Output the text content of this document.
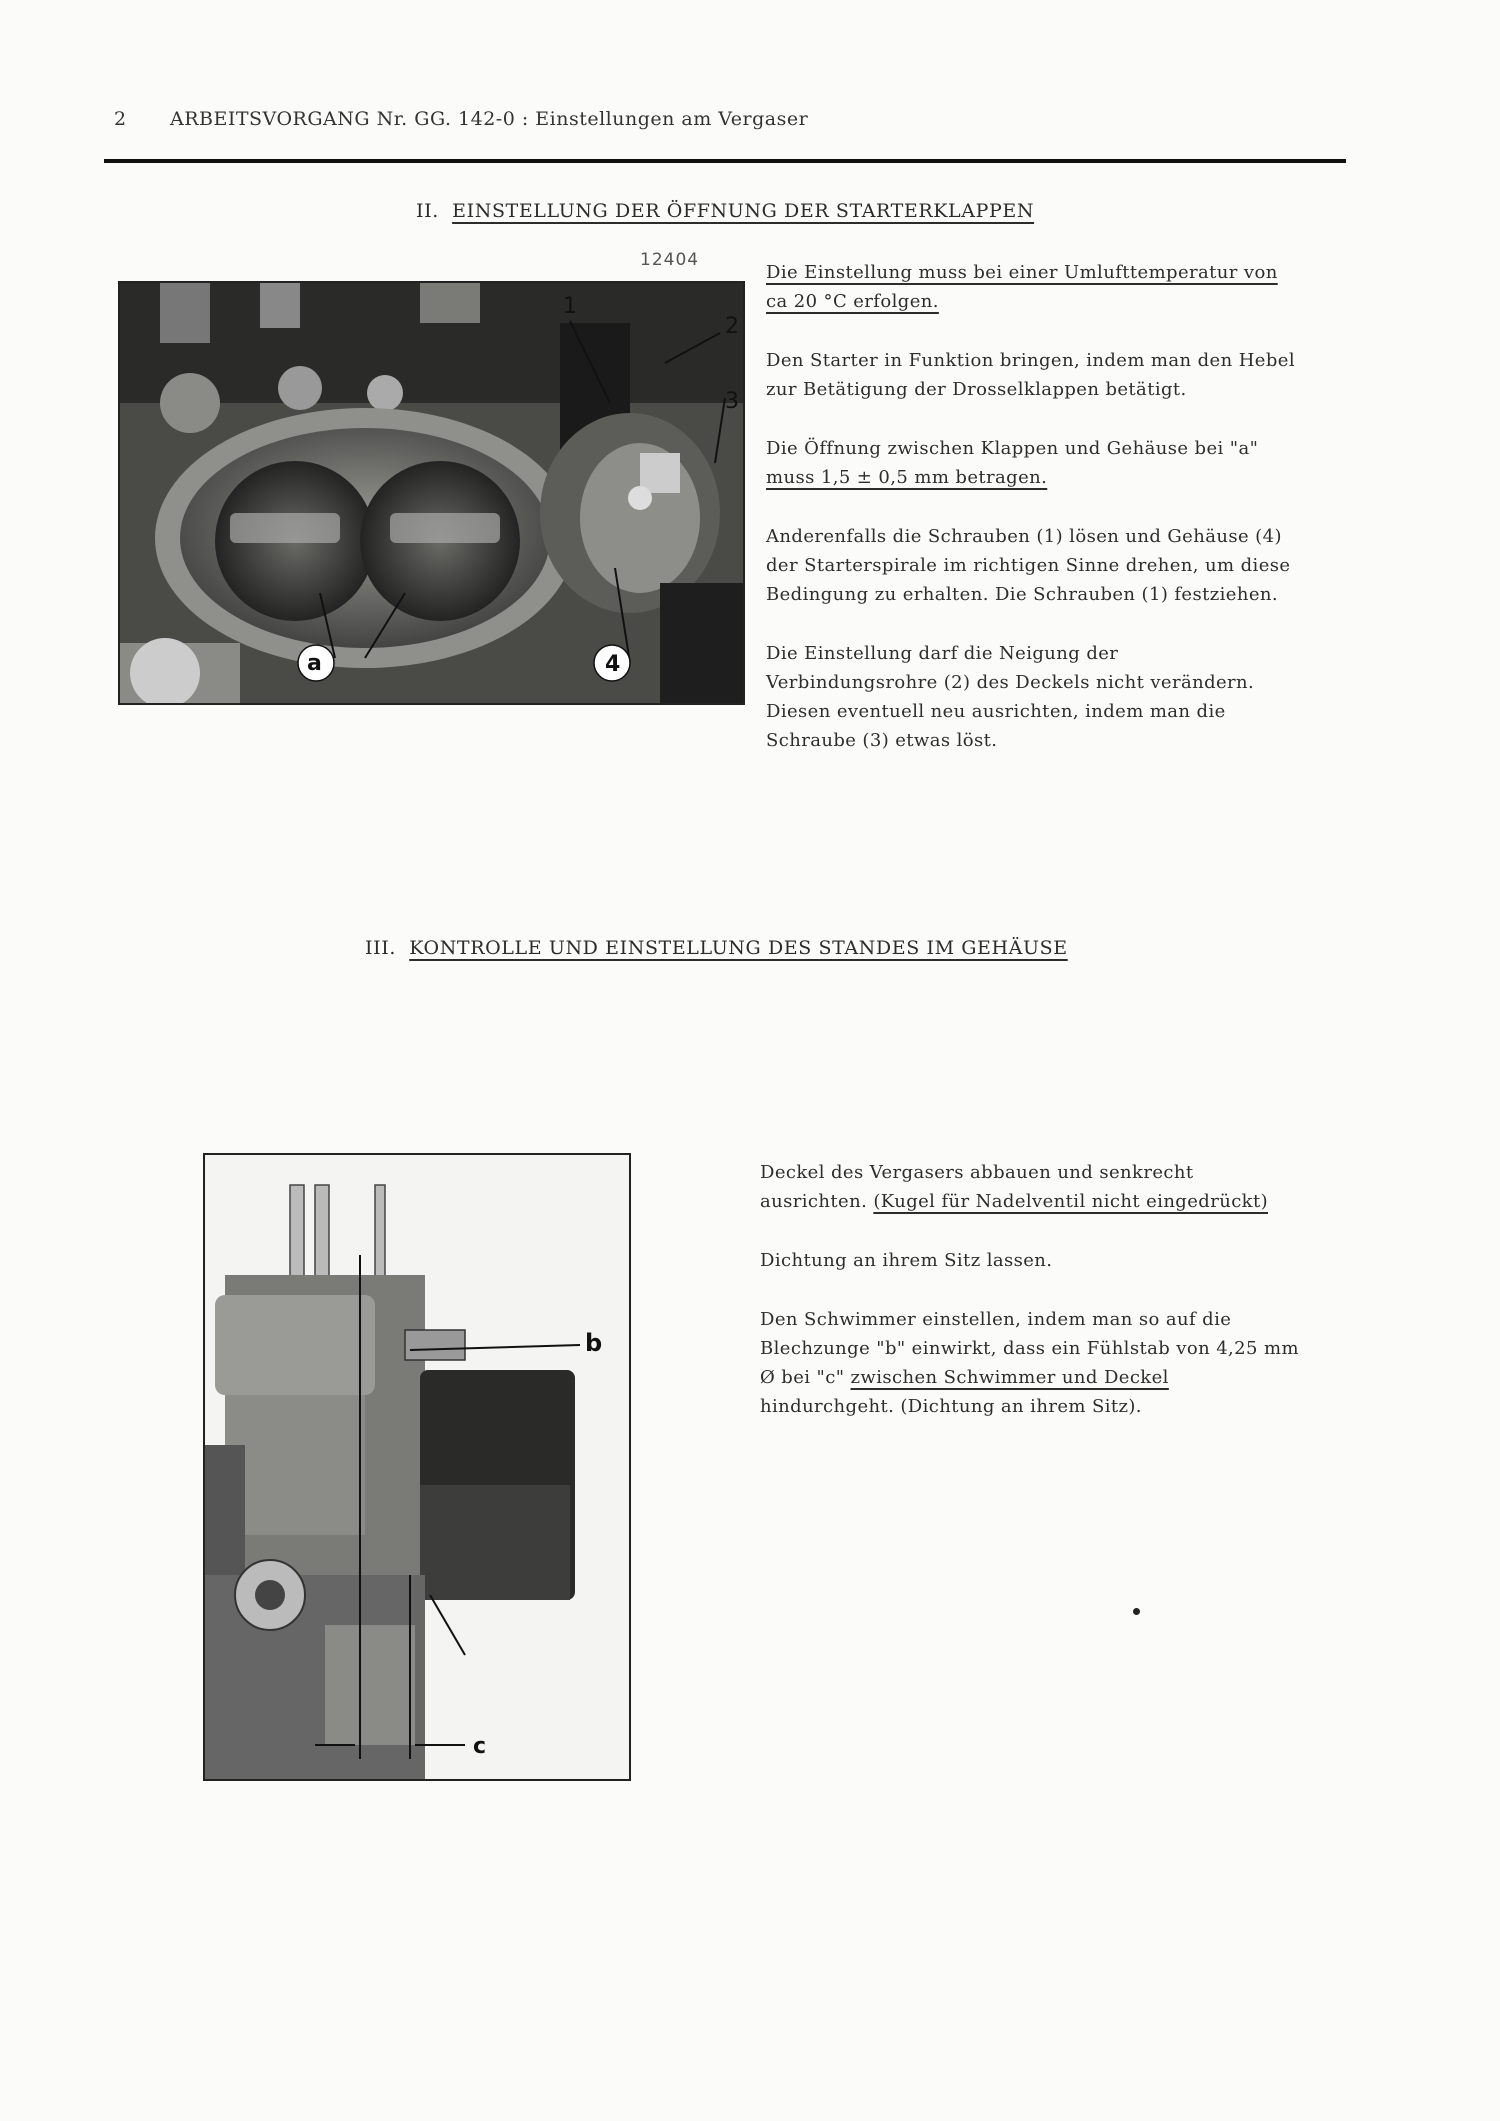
2 ARBEITSVORGANG Nr. GG. 142-0 : Einstellungen am Vergaser
II. EINSTELLUNG DER ÖFFNUNG DER STARTERKLAPPEN
12404
1
2
3
4
a

Die Einstellung muss bei einer Umlufttemperatur von ca 20 °C erfolgen.

Den Starter in Funktion bringen, indem man den Hebel zur Betätigung der Drosselklappen betätigt.

Die Öffnung zwischen Klappen und Gehäuse bei "a"
muss 1,5 ± 0,5 mm betragen.

Anderenfalls die Schrauben (1) lösen und Gehäuse (4) der Starterspirale im richtigen Sinne drehen, um diese Bedingung zu erhalten. Die Schrauben (1) festziehen.

Die Einstellung darf die Neigung der Verbindungsrohre (2) des Deckels nicht verändern. Diesen eventuell neu ausrichten, indem man die Schraube (3) etwas löst.

III. KONTROLLE UND EINSTELLUNG DES STANDES IM GEHÄUSE
b
c

Deckel des Vergasers abbauen und senkrecht ausrichten. (Kugel für Nadelventil nicht eingedrückt)

Dichtung an ihrem Sitz lassen.

Den Schwimmer einstellen, indem man so auf die Blechzunge "b" einwirkt, dass ein Fühlstab von 4,25 mm Ø bei "c" zwischen Schwimmer und Deckel hindurchgeht. (Dichtung an ihrem Sitz).
